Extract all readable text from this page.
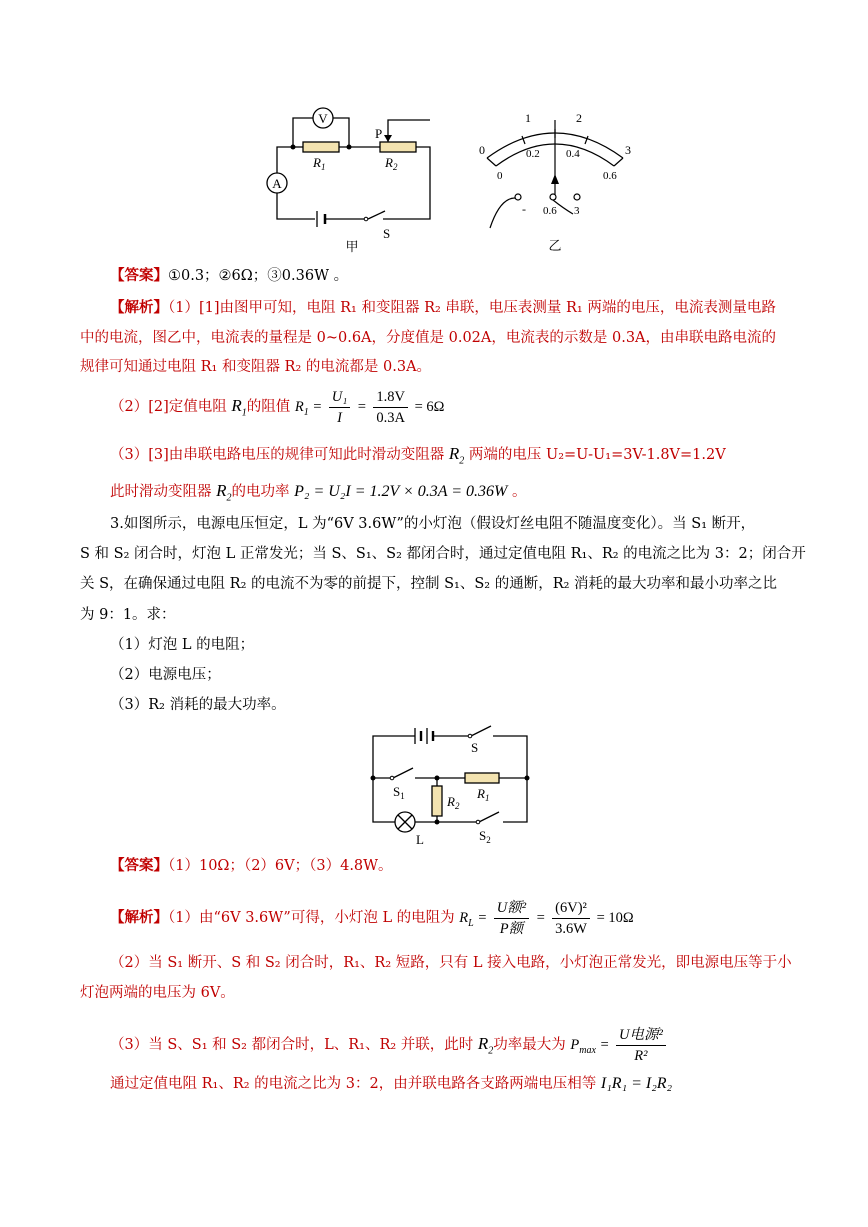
V
A
$R_1$	$R_2$
P
S
甲
0
1	2
3
0
0.2 0.4
0.6
- 0.6 3
乙
【答案】①0.3；②6Ω；③0.36W 。
【解析】（1）[1]由图甲可知，电阻 R₁ 和变阻器 R₂ 串联，电压表测量 R₁ 两端的电压，电流表测量电路
中的电流，图乙中，电流表的量程是 0~0.6A，分度值是 0.02A，电流表的示数是 0.3A，由串联电路电流的
规律可知通过电阻 R₁ 和变阻器 R₂ 的电流都是 0.3A。
（2）[2]定值电阻 $R_1$的阻值 $R_1 = \frac{\text{U₁}}{I} = \frac{1.8V}{0.3A} = 6\Omega$
（3）[3]由串联电路电压的规律可知此时滑动变阻器 $R_2$ 两端的电压 U₂=U-U₁=3V-1.8V=1.2V
此时滑动变阻器 $R_2$的电功率 P₂ = U₂I = 1.2V × 0.3A = 0.36W 。
3.如图所示，电源电压恒定，L 为“6V 3.6W”的小灯泡（假设灯丝电阻不随温度变化）。当 S₁ 断开，
S 和 S₂ 闭合时，灯泡 L 正常发光；当 S、S₁、S₂ 都闭合时，通过定值电阻 R₁、R₂ 的电流之比为 3：2；闭合开
关 S，在确保通过电阻 R₂ 的电流不为零的前提下，控制 S₁、S₂ 的通断，R₂ 消耗的最大功率和最小功率之比
为 9：1。求：
（1）灯泡 L 的电阻；
（2）电源电压；
（3）R₂ 消耗的最大功率。
S
$S_1$	$R_1$
$R_2$
$S_2$
L
【答案】（1）10Ω；（2）6V；（3）4.8W。
【解析】（1）由“6V 3.6W”可得，小灯泡 L 的电阻为 $R_L = \frac{\text{U额²}}{\text{P额}} = \frac{\text{(6V)²}}{3.6W} = 10\Omega$
（2）当 S₁ 断开、S 和 S₂ 闭合时，R₁、R₂ 短路，只有 L 接入电路，小灯泡正常发光，即电源电压等于小
灯泡两端的电压为 6V。
（3）当 S、S₁ 和 S₂ 都闭合时，L、R₁、R₂ 并联，此时 $R_2$功率最大为 $P_{max} = \frac{\text{U电源²}}{\text{R²}}$
通过定值电阻 R₁、R₂ 的电流之比为 3：2，由并联电路各支路两端电压相等 I₁R₁ = I₂R₂
